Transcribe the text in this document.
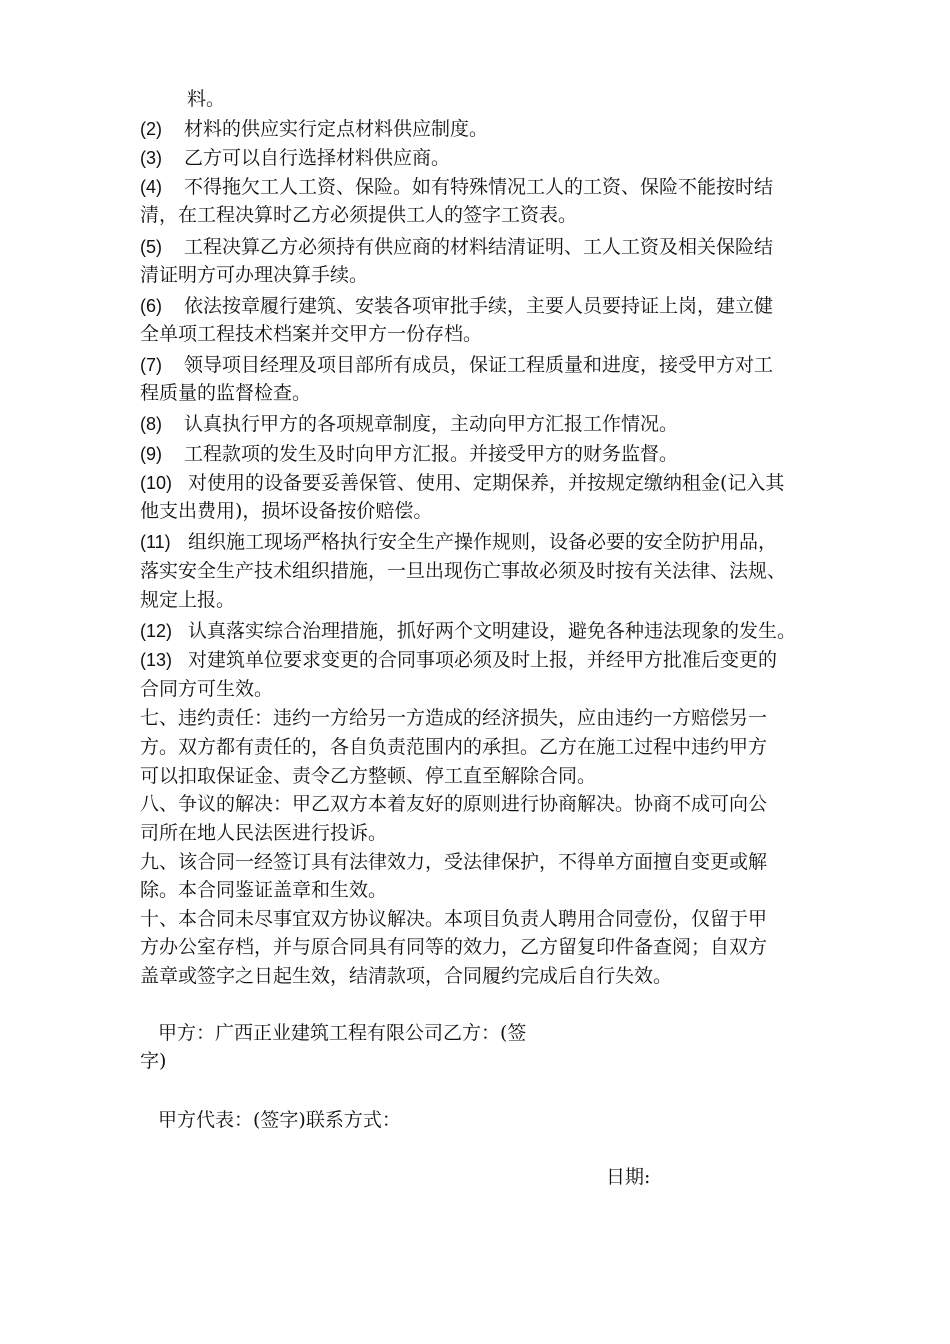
料。
(2) 材料的供应实行定点材料供应制度。
(3) 乙方可以自行选择材料供应商。
(4) 不得拖欠工人工资、保险。如有特殊情况工人的工资、保险不能按时结
清，在工程决算时乙方必须提供工人的签字工资表。
(5) 工程决算乙方必须持有供应商的材料结清证明、工人工资及相关保险结
清证明方可办理决算手续。
(6) 依法按章履行建筑、安装各项审批手续，主要人员要持证上岗，建立健
全单项工程技术档案并交甲方一份存档。
(7) 领导项目经理及项目部所有成员，保证工程质量和进度，接受甲方对工
程质量的监督检查。
(8) 认真执行甲方的各项规章制度，主动向甲方汇报工作情况。
(9) 工程款项的发生及时向甲方汇报。并接受甲方的财务监督。
(10) 对使用的设备要妥善保管、使用、定期保养，并按规定缴纳租金(记入其
他支出费用)，损坏设备按价赔偿。
(11) 组织施工现场严格执行安全生产操作规则，设备必要的安全防护用品，
落实安全生产技术组织措施，一旦出现伤亡事故必须及时按有关法律、法规、
规定上报。
(12) 认真落实综合治理措施，抓好两个文明建设，避免各种违法现象的发生。
(13) 对建筑单位要求变更的合同事项必须及时上报，并经甲方批准后变更的
合同方可生效。
七、违约责任：违约一方给另一方造成的经济损失，应由违约一方赔偿另一
方。双方都有责任的，各自负责范围内的承担。乙方在施工过程中违约甲方
可以扣取保证金、责令乙方整顿、停工直至解除合同。
八、争议的解决：甲乙双方本着友好的原则进行协商解决。协商不成可向公
司所在地人民法医进行投诉。
九、该合同一经签订具有法律效力，受法律保护，不得单方面擅自变更或解
除。本合同鉴证盖章和生效。
十、本合同未尽事宜双方协议解决。本项目负责人聘用合同壹份，仅留于甲
方办公室存档，并与原合同具有同等的效力，乙方留复印件备查阅；自双方
盖章或签字之日起生效，结清款项，合同履约完成后自行失效。
甲方：广西正业建筑工程有限公司乙方：(签
字)
甲方代表：(签字)联系方式：
日期:
